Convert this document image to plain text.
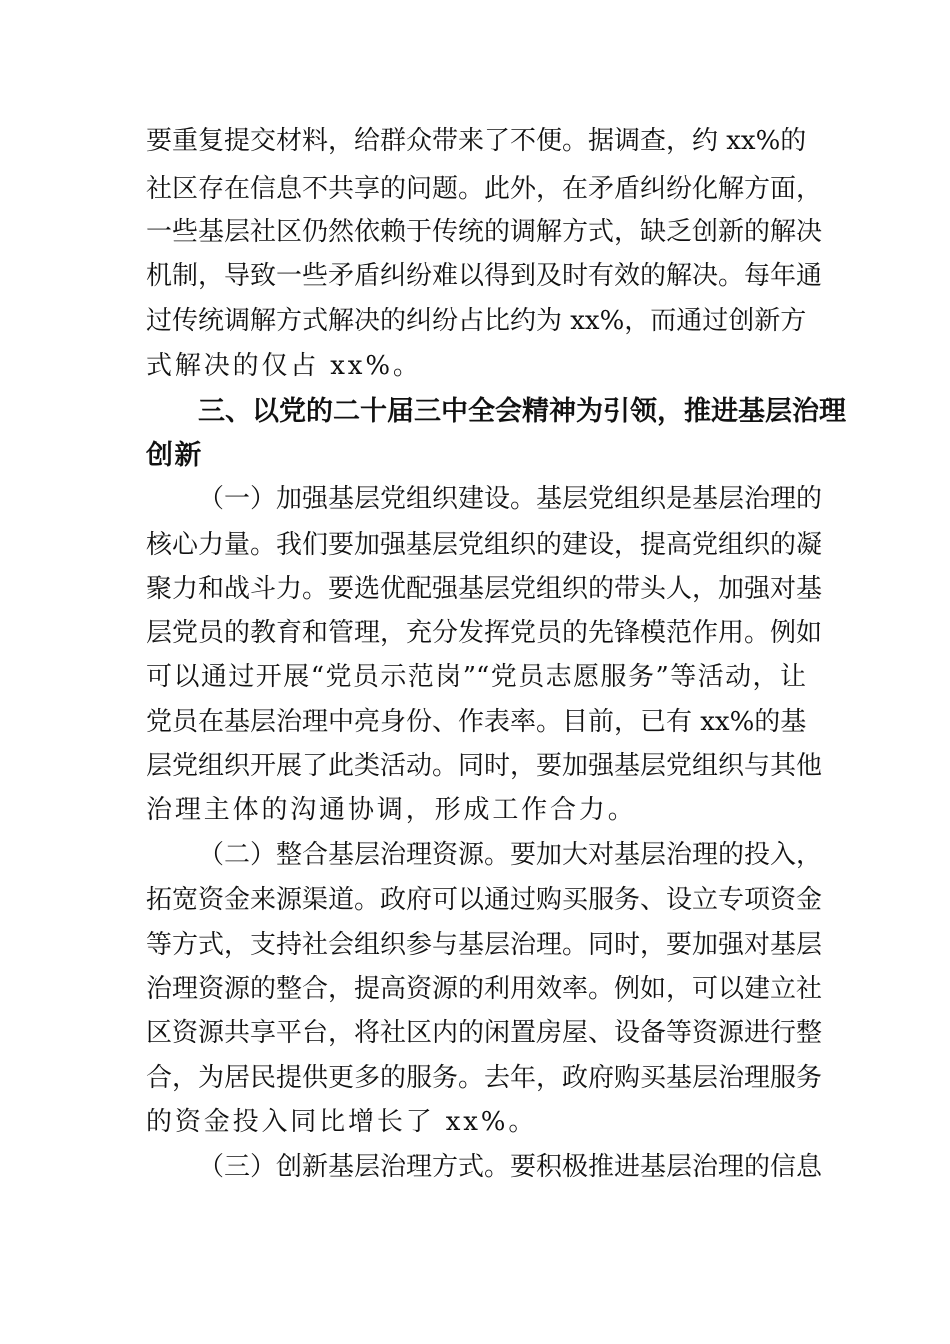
要重复提交材料，给群众带来了不便。据调查，约 xx%的
社区存在信息不共享的问题。此外，在矛盾纠纷化解方面，
一些基层社区仍然依赖于传统的调解方式，缺乏创新的解决
机制，导致一些矛盾纠纷难以得到及时有效的解决。每年通
过传统调解方式解决的纠纷占比约为 xx%，而通过创新方
式解决的仅占 xx%。
三、以党的二十届三中全会精神为引领，推进基层治理
创新
（一）加强基层党组织建设。基层党组织是基层治理的
核心力量。我们要加强基层党组织的建设，提高党组织的凝
聚力和战斗力。要选优配强基层党组织的带头人，加强对基
层党员的教育和管理，充分发挥党员的先锋模范作用。例如
可以通过开展“党员示范岗”“党员志愿服务”等活动，让
党员在基层治理中亮身份、作表率。目前，已有 xx%的基
层党组织开展了此类活动。同时，要加强基层党组织与其他
治理主体的沟通协调，形成工作合力。
（二）整合基层治理资源。要加大对基层治理的投入，
拓宽资金来源渠道。政府可以通过购买服务、设立专项资金
等方式，支持社会组织参与基层治理。同时，要加强对基层
治理资源的整合，提高资源的利用效率。例如，可以建立社
区资源共享平台，将社区内的闲置房屋、设备等资源进行整
合，为居民提供更多的服务。去年，政府购买基层治理服务
的资金投入同比增长了 xx%。
（三）创新基层治理方式。要积极推进基层治理的信息
